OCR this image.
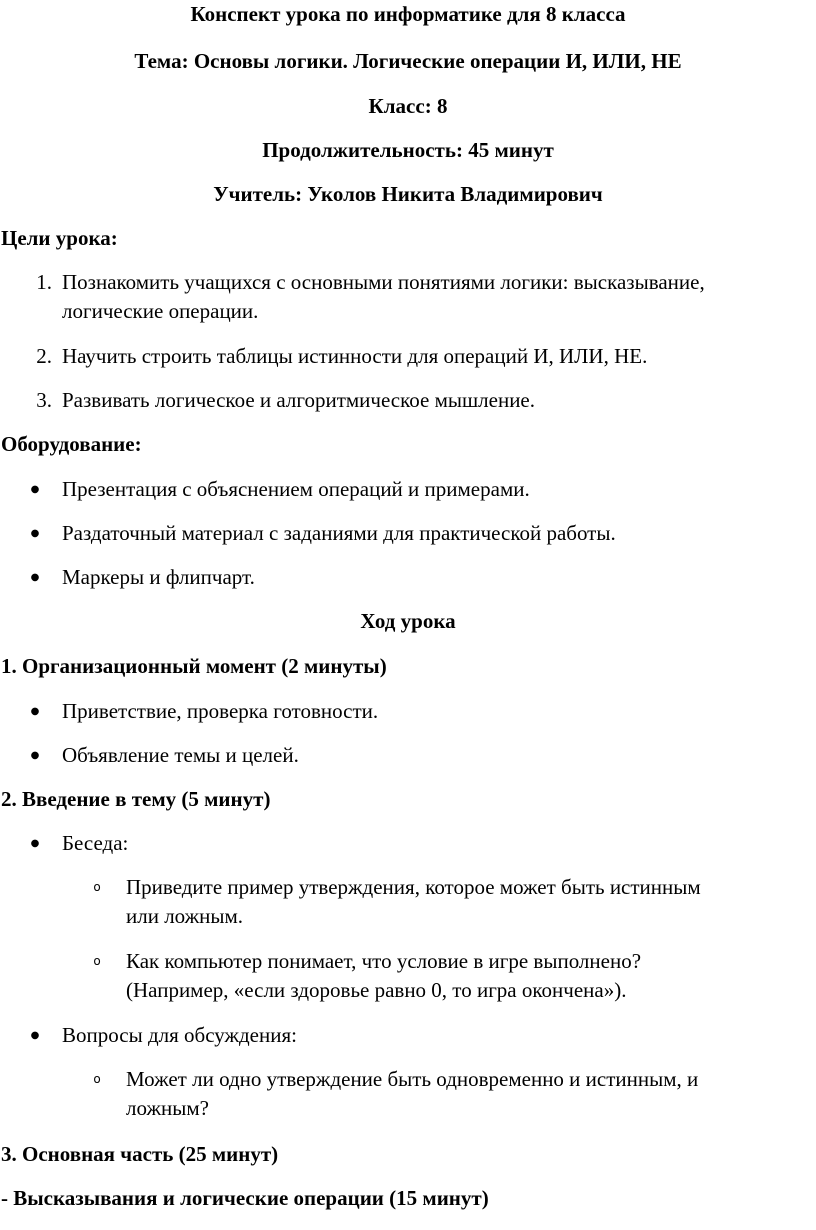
Конспект урока по информатике для 8 класса
Тема: Основы логики. Логические операции И, ИЛИ, НЕ
Класс: 8
Продолжительность: 45 минут
Учитель: Уколов Никита Владимирович
Цели урока:
1. Познакомить учащихся с основными понятиями логики: высказывание,
логические операции.
2. Научить строить таблицы истинности для операций И, ИЛИ, НЕ.
3. Развивать логическое и алгоритмическое мышление.
Оборудование:
● Презентация с объяснением операций и примерами.
● Раздаточный материал с заданиями для практической работы.
● Маркеры и флипчарт.
Ход урока
1. Организационный момент (2 минуты)
● Приветствие, проверка готовности.
● Объявление темы и целей.
2. Введение в тему (5 минут)
● Беседа:
o Приведите пример утверждения, которое может быть истинным
или ложным.
o Как компьютер понимает, что условие в игре выполнено?
(Например, «если здоровье равно 0, то игра окончена»).
● Вопросы для обсуждения:
o Может ли одно утверждение быть одновременно и истинным, и
ложным?
3. Основная часть (25 минут)
- Высказывания и логические операции (15 минут)
